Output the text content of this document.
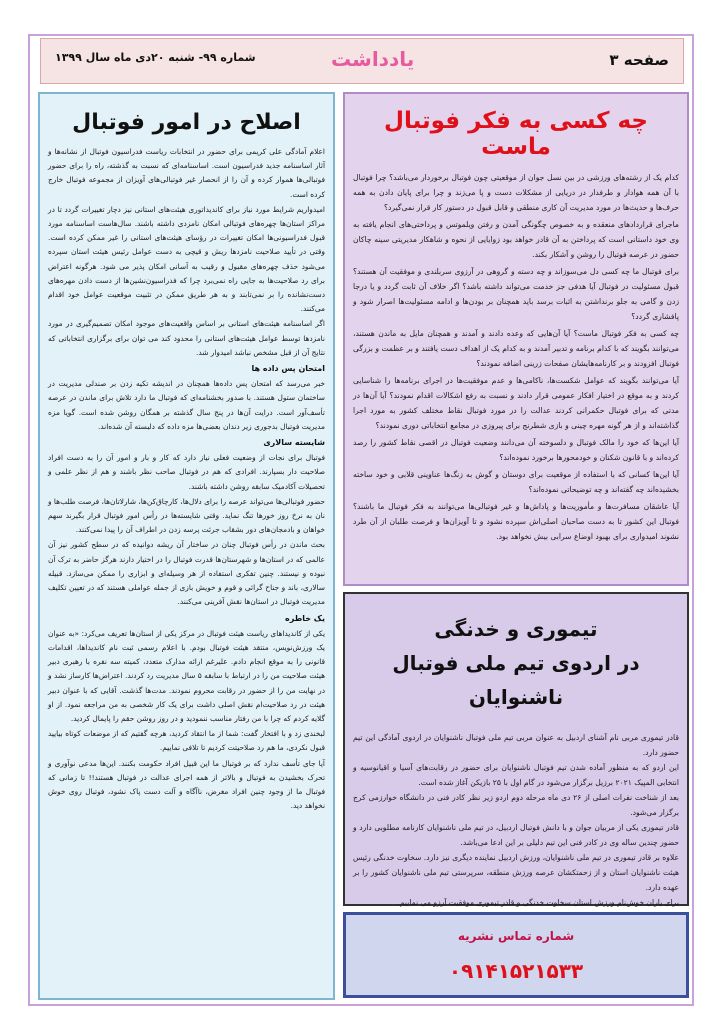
صفحه ۳
یادداشت
شماره ۹۹- شنبه ۲۰دی ماه سال ۱۳۹۹
چه کسی به فکر فوتبال ماست

کدام یک از رشته‌های ورزشی در بین نسل جوان از موقعیتی چون فوتبال برخوردار می‌باشد؟ چرا فوتبال با آن همه هوادار و طرفدار در دریایی از مشکلات دست و پا می‌زند و چرا برای پایان دادن به همه حرف‌ها و حدیث‌ها در مورد مدیریت آن کاری منطقی و قابل قبول در دستور کار قرار نمی‌گیرد؟

ماجرای قراردادهای منعقده و به خصوص چگونگی آمدن و رفتن ویلموتس و پرداختی‌های انجام یافته به وی خود داستانی است که پرداختن به آن قادر خواهد بود زوایایی از نحوه و شاهکار مدیریتی سینه چاکان حضور در عرصه فوتبال را روشن و آشکار بکند.

برای فوتبال ما چه کسی دل می‌سوزاند و چه دسته و گروهی در آرزوی سربلندی و موفقیت آن هستند؟ قبول مسئولیت در فوتبال آیا هدفی جز خدمت می‌تواند داشته باشد؟ اگر خلاف آن ثابت گردد و یا درجا زدن و گامی به جلو برنداشتن به اثبات برسد باید همچنان بر بودن‌ها و ادامه مسئولیت‌ها اصرار شود و پافشاری گردد؟

چه کسی به فکر فوتبال ماست؟ آیا آن‌هایی که وعده دادند و آمدند و همچنان مایل به ماندن هستند، می‌توانند بگویند که با کدام برنامه و تدبیر آمدند و به کدام یک از اهداف دست یافتند و بر عظمت و بزرگی فوتبال افزودند و بر کارنامه‌هایشان صفحات زرینی اضافه نمودند؟

آیا می‌توانند بگویند که عوامل شکست‌ها، ناکامی‌ها و عدم موفقیت‌ها در اجرای برنامه‌ها را شناسایی کردند و به موقع در اختیار افکار عمومی قرار دادند و نسبت به رفع اشکالات اقدام نمودند؟ آیا آن‌ها در مدتی که برای فوتبال حکمرانی کردند عدالت را در مورد فوتبال نقاط مختلف کشور به مورد اجرا گذاشته‌اند و از هر گونه مهره چینی و بازی شطرنج برای پیروزی در مجامع انتخاباتی دوری نمودند؟

آیا این‌ها که خود را مالک فوتبال و دلسوخته آن می‌دانند وضعیت فوتبال در اقصی نقاط کشور را رصد کرده‌اند و با قانون شکنان و خودمحورها برخورد نموده‌اند؟

آیا این‌ها کسانی که با استفاده از موقعیت برای دوستان و گوش به زنگ‌ها عناوینی قلابی و خود ساخته بخشیده‌اند چه گفته‌اند و چه توضیحاتی نموده‌اند؟

آیا عاشقان مسافرت‌ها و مأموریت‌ها و پاداش‌ها و غیر فوتبالی‌ها می‌توانند به فکر فوتبال ما باشند؟ فوتبال این کشور تا به دست صاحبان اصلی‌اش سپرده نشود و تا آویزان‌ها و فرصت طلبان از آن طرد نشوند امیدواری برای بهبود اوضاع سرابی بیش نخواهد بود.

تیموری و خدنگی
در اردوی تیم ملی فوتبال ناشنوایان

قادر تیموری مربی نام آشنای اردبیل به عنوان مربی تیم ملی فوتبال ناشنوایان در اردوی آمادگی این تیم حضور دارد.

این اردو که به منظور آماده شدن تیم فوتبال ناشنوایان برای حضور در رقابت‌های آسیا و اقیانوسیه و انتخابی المپیک ۲۰۲۱ برزیل برگزار می‌شود در گام اول با ۲۵ بازیکن آغاز شده است.

بعد از شناخت نفرات اصلی از ۲۶ دی ماه مرحله دوم اردو زیر نظر کادر فنی در دانشگاه خوارزمی کرج برگزار می‌شود.

قادر تیموری یکی از مربیان جوان و با دانش فوتبال اردبیل، در تیم ملی ناشنوایان کارنامه مطلوبی دارد و حضور چندین ساله وی در کادر فنی این تیم دلیلی بر این ادعا می‌باشد.

علاوه بر قادر تیموری در تیم ملی ناشنوایان، ورزش اردبیل نماینده دیگری نیز دارد. سخاوت خدنگی رئیس هیئت ناشنوایان استان و از زحمتکشان عرصه ورزش منطقه، سرپرستی تیم ملی ناشنوایان کشور را بر عهده دارد.

برای یاران خوش‌نام ورزش استان سخاوت خدنگی و قادر تیموری موفقیت آرزو می نماییم.

شماره تماس نشریه
۰۹۱۴۱۵۲۱۵۳۳
اصلاح در امور فوتبال

اعلام آمادگی علی کریمی برای حضور در انتخابات ریاست فدراسیون فوتبال از نشانه‌ها و آثار اساسنامه جدید فدراسیون است. اساسنامه‌ای که نسبت به گذشته، راه را برای حضور فوتبالی‌ها هموار کرده و آن را از انحصار غیر فوتبالی‌های آویزان از مجموعه فوتبال خارج کرده است.

امیدواریم شرایط مورد نیاز برای کاندیداتوری هیئت‌های استانی نیز دچار تغییرات گردد تا در مراکز استان‌ها چهره‌های فوتبالی امکان نامزدی داشته باشند. سال‌هاست اساسنامه مورد قبول فدراسیونی‌ها امکان تغییرات در رؤسای هیئت‌های استانی را غیر ممکن کرده است. وقتی در تأیید صلاحیت نامزدها ریش و قیچی به دست عوامل رئیس هیئت استان سپرده می‌شود حذف چهره‌های مقبول و رقیب به آسانی امکان پذیر می شود. هرگونه اعتراض برای رد صلاحیت‌ها به جایی راه نمی‌برد چرا که فدراسیون‌نشین‌ها از دست دادن مهره‌های دست‌نشانده را بر نمی‌تابند و به هر طریق ممکن در تثبیت موقعیت عوامل خود اقدام می‌کنند.

اگر اساسنامه هیئت‌های استانی بر اساس واقعیت‌های موجود امکان تصمیم‌گیری در مورد نامزدها توسط عوامل هیئت‌های استانی را محدود کند می توان برای برگزاری انتخاباتی که نتایج آن از قبل مشخص نباشد امیدوار شد.

امتحان پس داده ها

خبر می‌رسد که امتحان پس داده‌ها همچنان در اندیشه تکیه زدن بر صندلی مدیریت در ساختمان ستول هستند. با صدور بخشنامه‌ای که فوتبال ما دارد تلاش برای ماندن در عرصه تأسف‌آور است. درایت آن‌ها در پنج سال گذشته بر همگان روشن شده است. گویا مزه مدیریت فوتبال بدجوری زیر دندان بعضی‌ها مزه داده که دلبسته آن شده‌اند.

شایسته سالاری

فوتبال برای نجات از وضعیت فعلی نیاز دارد که کار و بار و امور آن را به دست افراد صلاحیت دار بسپارند. افرادی که هم در فوتبال صاحب نظر باشند و هم از نظر علمی و تحصیلات آکادمیک سابقه روشن داشته باشند.

حضور فوتبالی‌ها می‌تواند عرصه را برای دلال‌ها، کارچاق‌کن‌ها، شارلاتان‌ها، فرصت طلب‌ها و نان به نرخ روز خورها تنگ نماید. وقتی شایسته‌ها در رأس امور فوتبال قرار بگیرند سهم خواهان و بادمجان‌های دور بشقاب جرئت پرسه زدن در اطراف آن را پیدا نمی‌کنند.

بحث ماندن در رأس فوتبال چنان در ساختار آن ریشه دوانیده که در سطح کشور نیز آن عالمی که در استان‌ها و شهرستان‌ها قدرت فوتبال را در اختیار دارند هرگز حاضر به ترک آن نبوده و نیستند. چنین تفکری استفاده از هر وسیله‌ای و ابزاری را ممکن می‌سازد. قبیله سالاری، باند و جناح گرائی و قوم و خویش بازی از جمله عواملی هستند که در تعیین تکلیف مدیریت فوتبال در استان‌ها نقش آفرینی می‌کنند.

یک خاطره

یکی از کاندیداهای ریاست هیئت فوتبال در مرکز یکی از استان‌ها تعریف می‌کرد: «به عنوان یک ورزش‌نویس، منتقد هیئت فوتبال بودم. با اعلام رسمی ثبت نام کاندیداها، اقدامات قانونی را به موقع انجام دادم. علیرغم ارائه مدارک متعدد، کمیته سه نفره با رهبری دبیر هیئت صلاحیت من را در ارتباط با سابقه ۵ سال مدیریت رد کردند. اعتراض‌ها کارساز نشد و در نهایت من را از حضور در رقابت محروم نمودند. مدت‌ها گذشت. آقایی که با عنوان دبیر هیئت در رد صلاحیت‌ام نقش اصلی داشت برای یک کار شخصی به من مراجعه نمود. از او گلایه کردم که چرا با من رفتار مناسب ننمودید و در روز روشن حقم را پایمال کردید.

لبخندی زد و با افتخار گفت: شما از ما انتقاد کردید، هرچه گفتیم که از موضعات کوتاه بیایید قبول نکردی، ما هم رد صلاحیتت کردیم تا تلافی نماییم.

آیا جای تأسف ندارد که بر فوتبال ما این قبیل افراد حکومت بکنند. این‌ها مدعی نوآوری و تحرک بخشیدن به فوتبال و بالاتر از همه اجرای عدالت در فوتبال هستند!! تا زمانی که فوتبال ما از وجود چنین افراد مغرض، ناآگاه و آلت دست پاک نشود، فوتبال روی خوش نخواهد دید.
